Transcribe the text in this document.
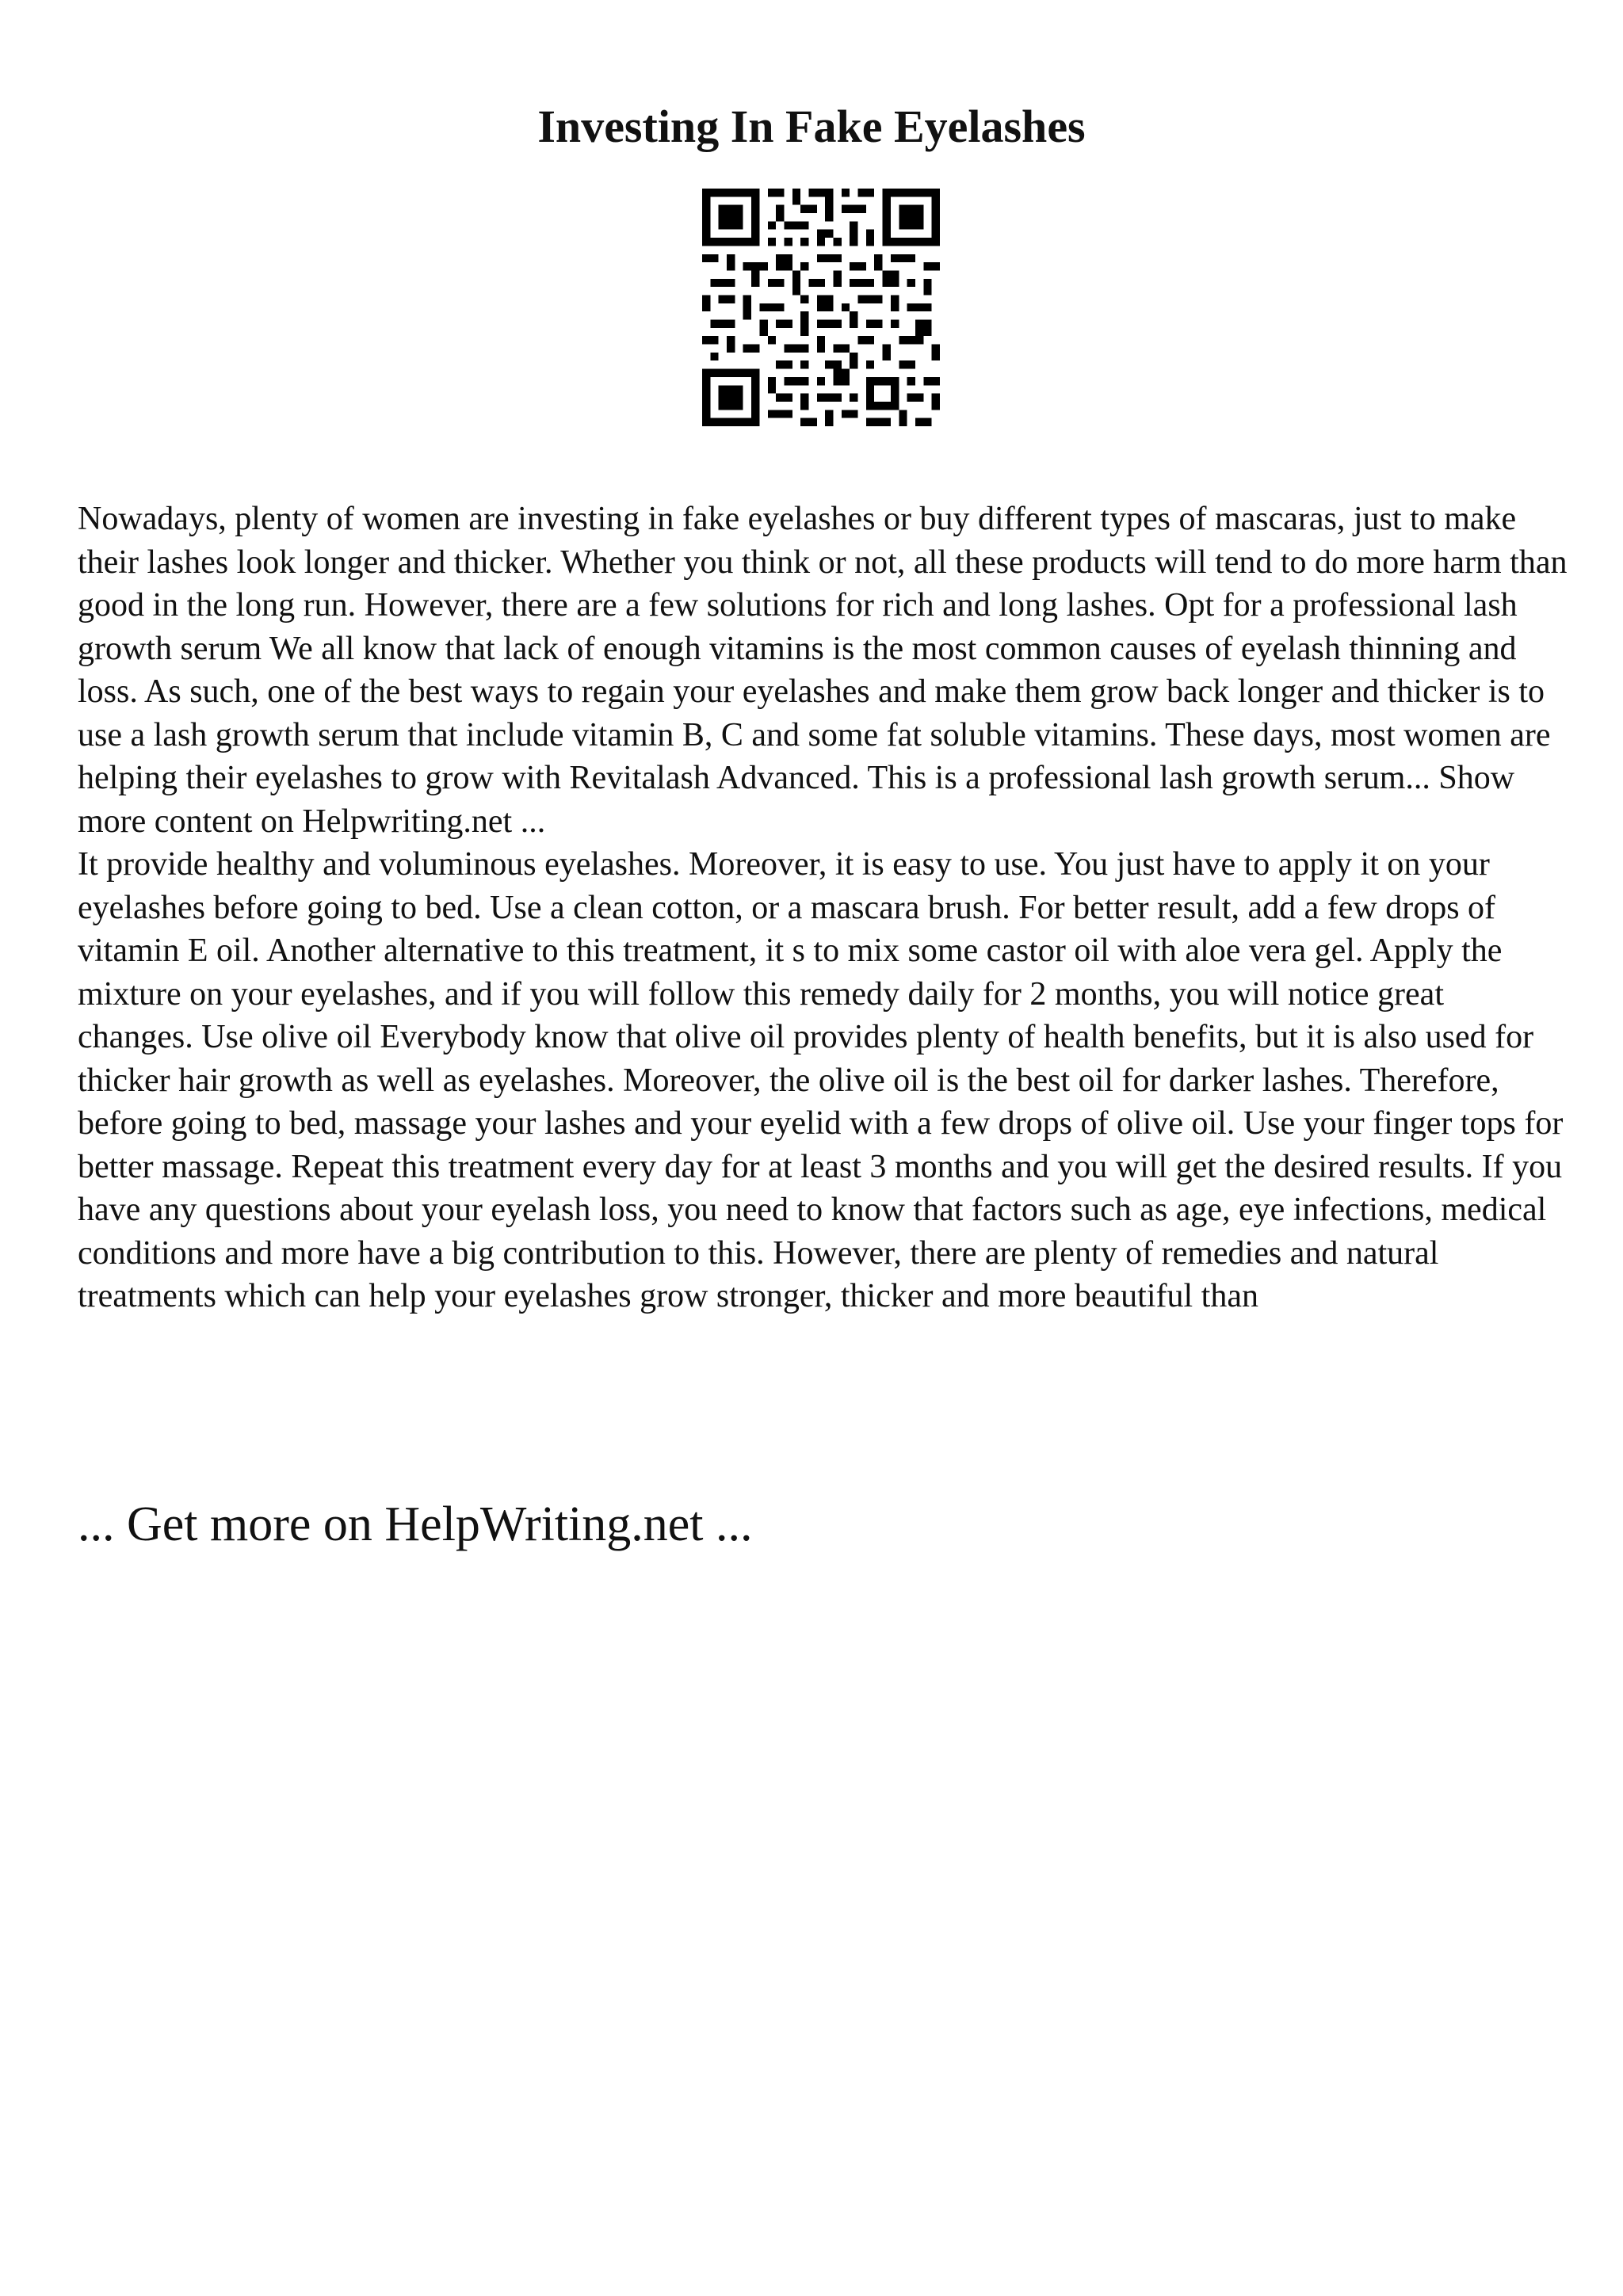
Investing In Fake Eyelashes

Nowadays, plenty of women are investing in fake eyelashes or buy different types of mascaras, just to make their lashes look longer and thicker. Whether you think or not, all these products will tend to do more harm than good in the long run. However, there are a few solutions for rich and long lashes. Opt for a professional lash growth serum We all know that lack of enough vitamins is the most common causes of eyelash thinning and loss. As such, one of the best ways to regain your eyelashes and make them grow back longer and thicker is to use a lash growth serum that include vitamin B, C and some fat soluble vitamins. These days, most women are helping their eyelashes to grow with Revitalash Advanced. This is a professional lash growth serum... Show more content on Helpwriting.net ...

It provide healthy and voluminous eyelashes. Moreover, it is easy to use. You just have to apply it on your eyelashes before going to bed. Use a clean cotton, or a mascara brush. For better result, add a few drops of vitamin E oil. Another alternative to this treatment, it s to mix some castor oil with aloe vera gel. Apply the mixture on your eyelashes, and if you will follow this remedy daily for 2 months, you will notice great changes. Use olive oil Everybody know that olive oil provides plenty of health benefits, but it is also used for thicker hair growth as well as eyelashes. Moreover, the olive oil is the best oil for darker lashes. Therefore, before going to bed, massage your lashes and your eyelid with a few drops of olive oil. Use your finger tops for better massage. Repeat this treatment every day for at least 3 months and you will get the desired results. If you have any questions about your eyelash loss, you need to know that factors such as age, eye infections, medical conditions and more have a big contribution to this. However, there are plenty of remedies and natural treatments which can help your eyelashes grow stronger, thicker and more beautiful than

... Get more on HelpWriting.net ...
